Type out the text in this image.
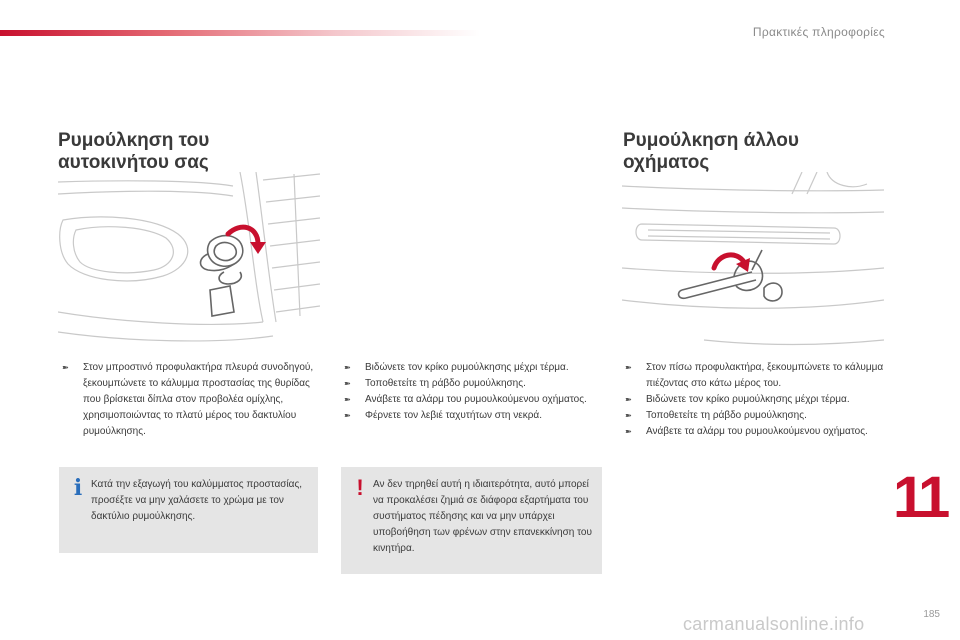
Πρακτικές πληροφορίες
Ρυμούλκηση του
αυτοκινήτου σας
Ρυμούλκηση άλλου
οχήματος
➽ Στον μπροστινό προφυλακτήρα πλευρά συνοδηγού, ξεκουμπώνετε το κάλυμμα προστασίας της θυρίδας που βρίσκεται δίπλα στον προβολέα ομίχλης, χρησιμοποιώντας το πλατύ μέρος του δακτυλίου ρυμούλκησης.
➽ Βιδώνετε τον κρίκο ρυμούλκησης μέχρι τέρμα.
➽ Τοποθετείτε τη ράβδο ρυμούλκησης.
➽ Ανάβετε τα αλάρμ του ρυμουλκούμενου οχήματος.
➽ Φέρνετε τον λεβιέ ταχυτήτων στη νεκρά.
➽ Στον πίσω προφυλακτήρα, ξεκουμπώνετε το κάλυμμα πιέζοντας στο κάτω μέρος του.
➽ Βιδώνετε τον κρίκο ρυμούλκησης μέχρι τέρμα.
➽ Τοποθετείτε τη ράβδο ρυμούλκησης.
➽ Ανάβετε τα αλάρμ του ρυμουλκούμενου οχήματος.
i Κατά την εξαγωγή του καλύμματος προστασίας, προσέξτε να μην χαλάσετε το χρώμα με τον δακτύλιο ρυμούλκησης.
! Αν δεν τηρηθεί αυτή η ιδιαιτερότητα, αυτό μπορεί να προκαλέσει ζημιά σε διάφορα εξαρτήματα του συστήματος πέδησης και να μην υπάρχει υποβοήθηση των φρένων στην επανεκκίνηση του κινητήρα.
11
185
carmanualsonline.info
